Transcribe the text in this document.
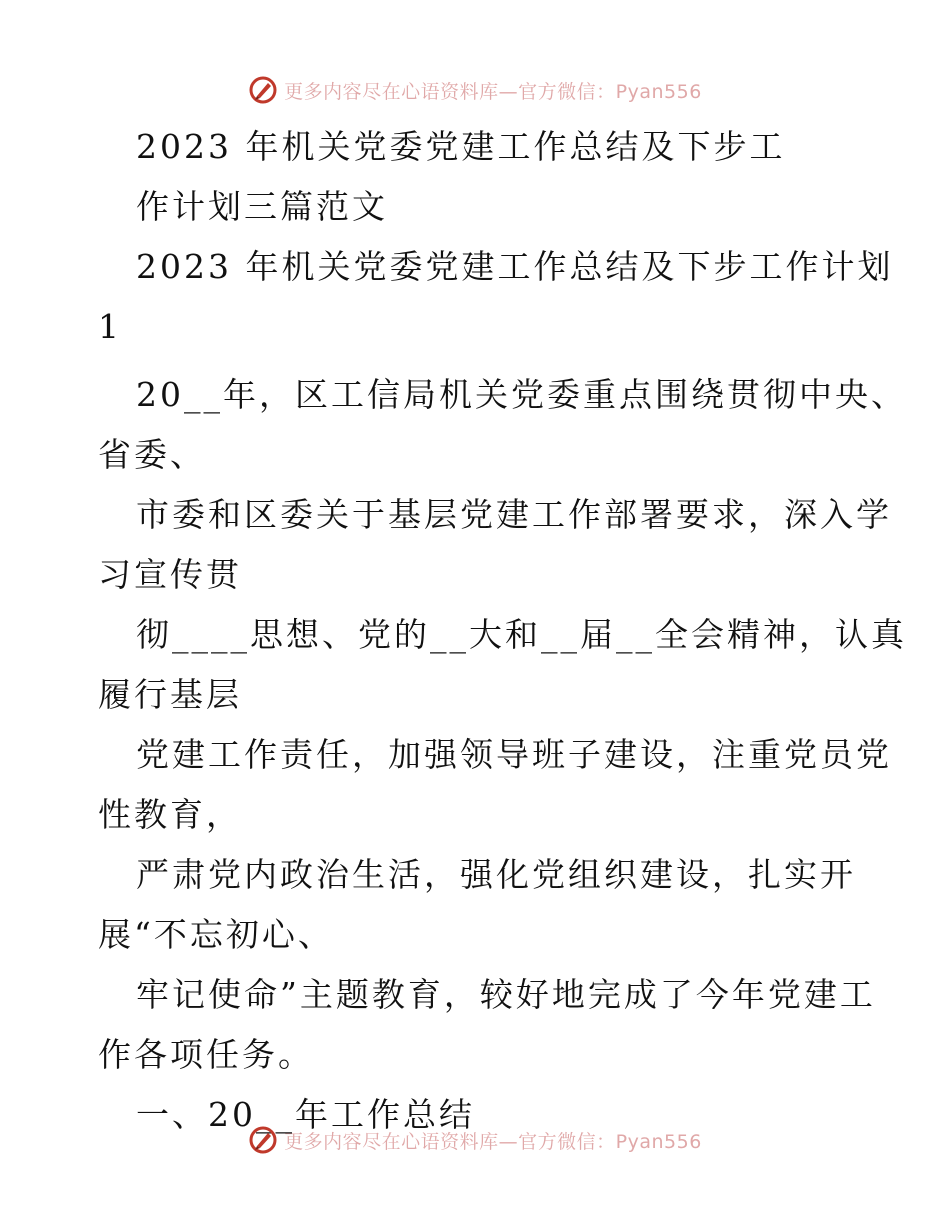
更多内容尽在心语资料库—官方微信：Pyan556
2023 年机关党委党建工作总结及下步工
作计划三篇范文
2023 年机关党委党建工作总结及下步工作计划
1
20__年，区工信局机关党委重点围绕贯彻中央、
省委、
市委和区委关于基层党建工作部署要求，深入学
习宣传贯
彻____思想、党的__大和__届__全会精神，认真
履行基层
党建工作责任，加强领导班子建设，注重党员党
性教育，
严肃党内政治生活，强化党组织建设，扎实开
展“不忘初心、
牢记使命”主题教育，较好地完成了今年党建工
作各项任务。
一、20__年工作总结
更多内容尽在心语资料库—官方微信：Pyan556
